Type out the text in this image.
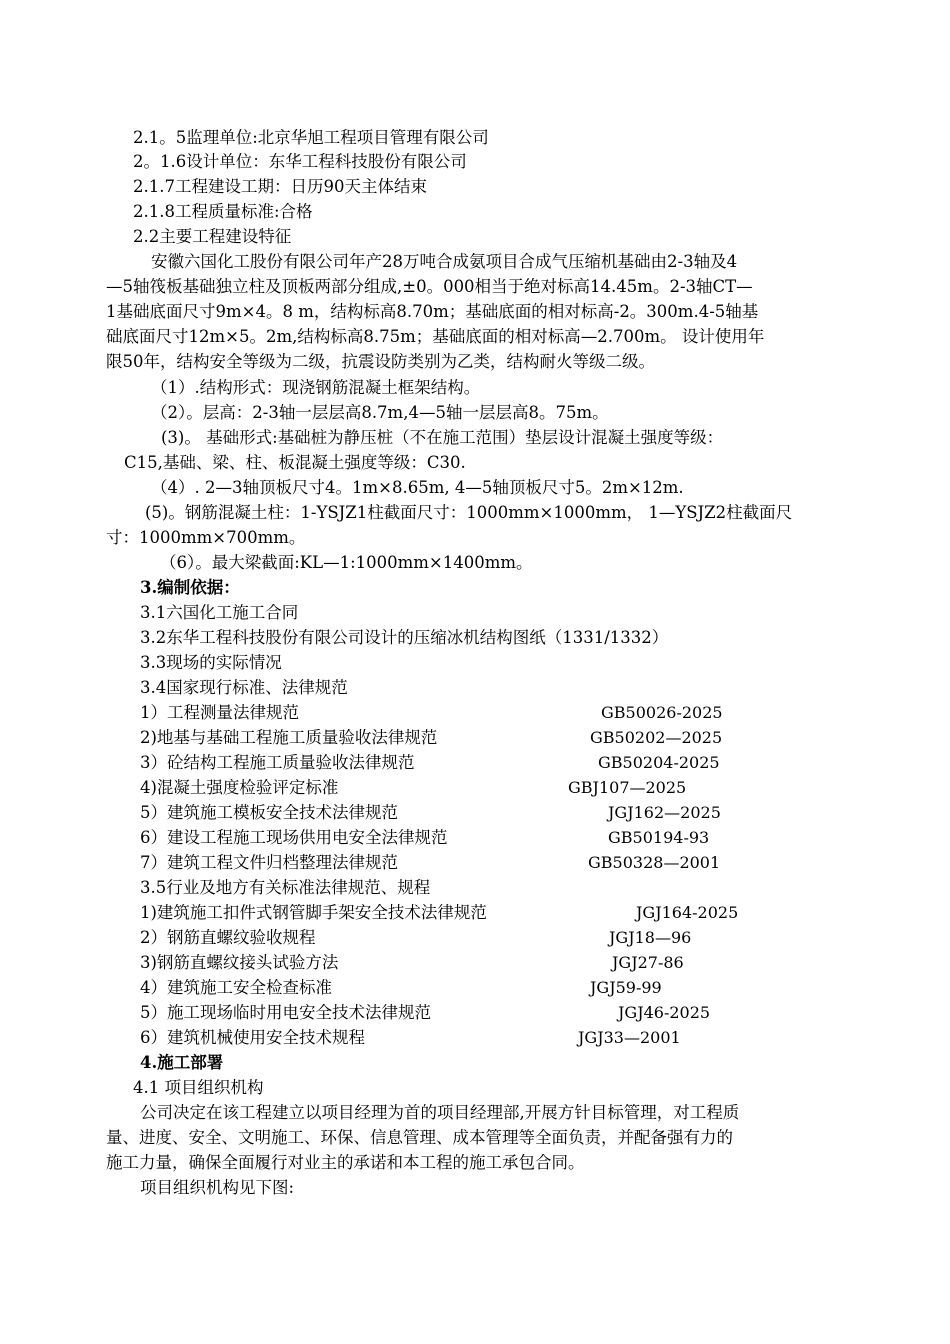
2.1。5监理单位:北京华旭工程项目管理有限公司
2。1.6设计单位：东华工程科技股份有限公司
2.1.7工程建设工期：日历90天主体结束
2.1.8工程质量标准:合格
2.2主要工程建设特征
安徽六国化工股份有限公司年产28万吨合成氨项目合成气压缩机基础由2-3轴及4
—5轴筏板基础独立柱及顶板两部分组成,±0。000相当于绝对标高14.45m。2-3轴CT—
1基础底面尺寸9m×4。8 m，结构标高8.70m；基础底面的相对标高-2。300m.4-5轴基
础底面尺寸12m×5。2m,结构标高8.75m；基础底面的相对标高—2.700m。 设计使用年
限50年，结构安全等级为二级，抗震设防类别为乙类，结构耐火等级二级。
（1）.结构形式：现浇钢筋混凝土框架结构。
（2）。层高：2-3轴一层层高8.7m,4—5轴一层层高8。75m。
(3)。 基础形式:基础桩为静压桩（不在施工范围）垫层设计混凝土强度等级：
C15,基础、梁、柱、板混凝土强度等级：C30.
（4）. 2—3轴顶板尺寸4。1m×8.65m, 4—5轴顶板尺寸5。2m×12m.
(5)。钢筋混凝土柱：1-YSJZ1柱截面尺寸：1000mm×1000mm， 1—YSJZ2柱截面尺
寸：1000mm×700mm。
（6）。最大梁截面:KL—1:1000mm×1400mm。
3.编制依据：
3.1六国化工施工合同
3.2东华工程科技股份有限公司设计的压缩冰机结构图纸（1331/1332）
3.3现场的实际情况
3.4国家现行标准、法律规范
1）工程测量法律规范	GB50026-2025
2)地基与基础工程施工质量验收法律规范	GB50202—2025
3）砼结构工程施工质量验收法律规范	GB50204-2025
4)混凝土强度检验评定标准	GBJ107—2025
5）建筑施工模板安全技术法律规范	JGJ162—2025
6）建设工程施工现场供用电安全法律规范	GB50194-93
7）建筑工程文件归档整理法律规范	GB50328—2001
3.5行业及地方有关标准法律规范、规程
1)建筑施工扣件式钢管脚手架安全技术法律规范	JGJ164-2025
2）钢筋直螺纹验收规程	JGJ18—96
3)钢筋直螺纹接头试验方法	JGJ27-86
4）建筑施工安全检查标准	JGJ59-99
5）施工现场临时用电安全技术法律规范	JGJ46-2025
6）建筑机械使用安全技术规程	JGJ33—2001
4.施工部署
4.1 项目组织机构
公司决定在该工程建立以项目经理为首的项目经理部,开展方针目标管理，对工程质
量、进度、安全、文明施工、环保、信息管理、成本管理等全面负责，并配备强有力的
施工力量，确保全面履行对业主的承诺和本工程的施工承包合同。
项目组织机构见下图:
